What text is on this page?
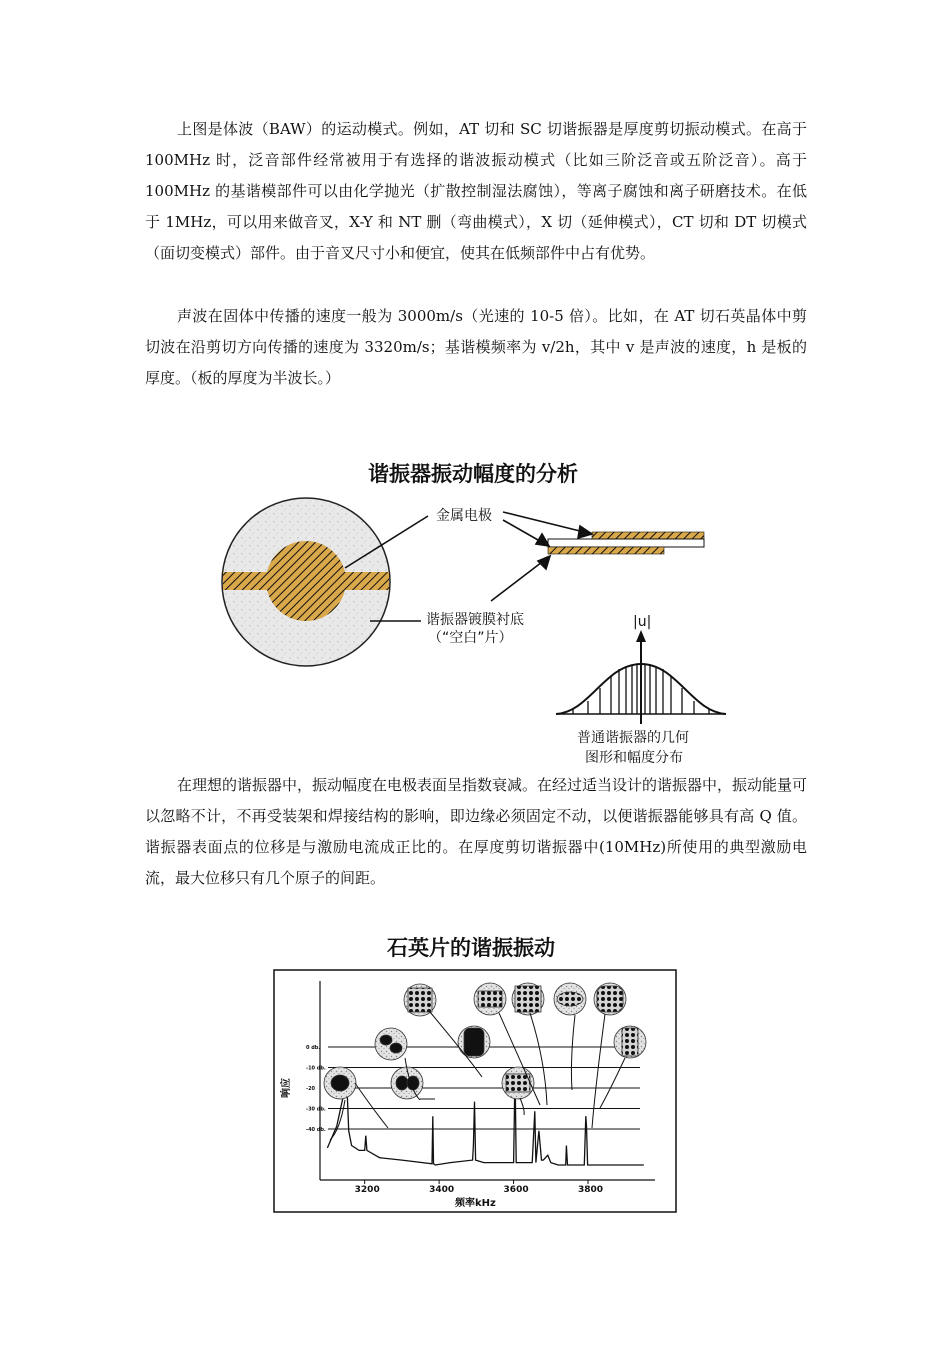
上图是体波（BAW）的运动模式。例如，AT 切和 SC 切谐振器是厚度剪切振动模式。在高于 100MHz 时，泛音部件经常被用于有选择的谐波振动模式（比如三阶泛音或五阶泛音）。高于 100MHz 的基谐模部件可以由化学抛光（扩散控制湿法腐蚀），等离子腐蚀和离子研磨技术。在低于 1MHz，可以用来做音叉，X-Y 和 NT 删（弯曲模式），X 切（延伸模式），CT 切和 DT 切模式（面切变模式）部件。由于音叉尺寸小和便宜，使其在低频部件中占有优势。

声波在固体中传播的速度一般为 3000m/s（光速的 10-5 倍）。比如，在 AT 切石英晶体中剪切波在沿剪切方向传播的速度为 3320m/s；基谐模频率为 v/2h，其中 v 是声波的速度，h 是板的厚度。（板的厚度为半波长。）

谐振器振动幅度的分析
金属电极
谐振器镀膜衬底
（“空白”片）
|u|
普通谐振器的几何
图形和幅度分布

在理想的谐振器中，振动幅度在电极表面呈指数衰减。在经过适当设计的谐振器中，振动能量可以忽略不计，不再受装架和焊接结构的影响，即边缘必须固定不动，以便谐振器能够具有高 Q 值。谐振器表面点的位移是与激励电流成正比的。在厚度剪切谐振器中(10MHz)所使用的典型激励电流，最大位移只有几个原子的间距。

石英片的谐振振动
0 db.
-10 db.
-20
-30 db.
-40 db.
3200	3400	3600	3800
频率kHz
响应
